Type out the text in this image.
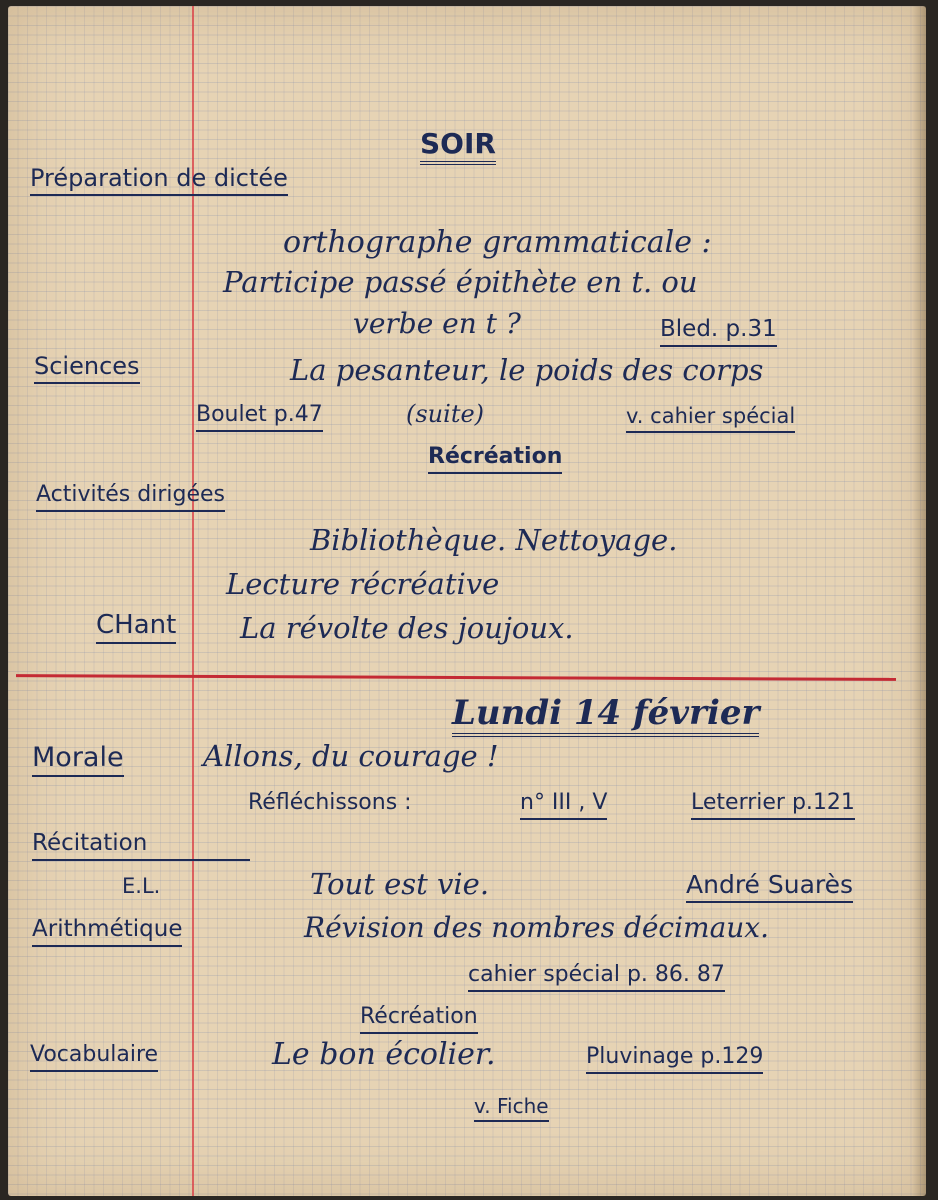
SOIR
Préparation de dictée
orthographe grammaticale :
Participe passé épithète en t. ou
verbe en t ?	Bled. p.31
Sciences	La pesanteur, le poids des corps
Boulet p.47	(suite)	v. cahier spécial
Récréation
Activités dirigées
Bibliothèque. Nettoyage.
Lecture récréative
CHant La révolte des joujoux.
Lundi 14 février
Morale	Allons, du courage !
Réfléchissons :	n° III , V	Leterrier p.121
Récitation
E.L.	Tout est vie.	André Suarès
Arithmétique	Révision des nombres décimaux.
cahier spécial p. 86. 87
Récréation
Vocabulaire	Le bon écolier.	Pluvinage p.129
v. Fiche
